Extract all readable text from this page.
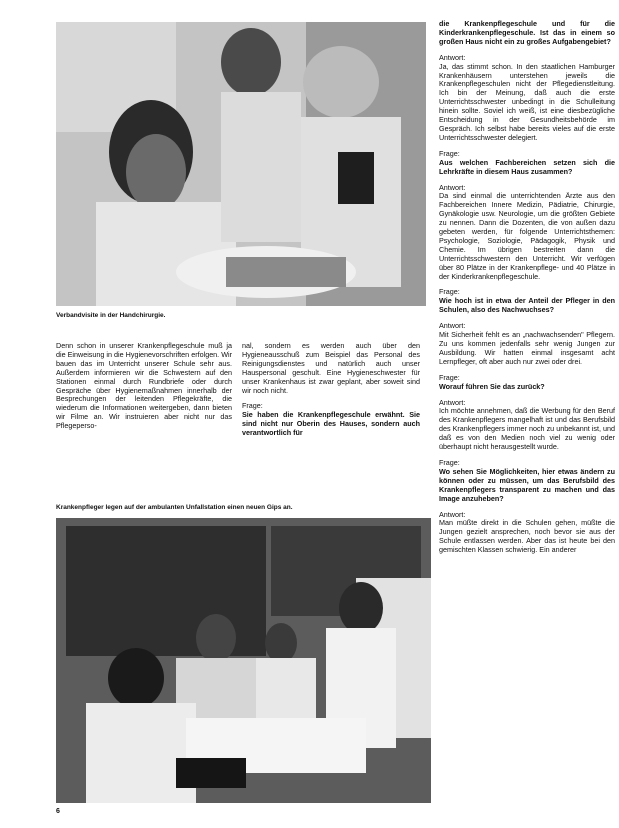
Verbandvisite in der Handchirurgie.

Denn schon in unserer Krankenpflegeschule muß ja die Einweisung in die Hygienevorschriften erfolgen. Wir bauen das im Unterricht unserer Schule sehr aus. Außerdem informieren wir die Schwestern auf den Stationen einmal durch Rundbriefe oder durch Gespräche über Hygienemaßnahmen innerhalb der Besprechungen der leitenden Pflegekräfte, die wiederum die Informationen weitergeben, dann bieten wir Filme an. Wir instruieren aber nicht nur das Pflegeperso-

nal, sondern es werden auch über den Hygieneausschuß zum Beispiel das Personal des Reinigungsdienstes und natürlich auch unser Hauspersonal geschult. Eine Hygieneschwester für unser Krankenhaus ist zwar geplant, aber soweit sind wir noch nicht.

Frage:

Sie haben die Krankenpflegeschule erwähnt. Sie sind nicht nur Oberin des Hauses, sondern auch verantwortlich für

Krankenpfleger legen auf der ambulanten Unfallstation einen neuen Gips an.

die Krankenpflegeschule und für die Kinderkrankenpflegeschule. Ist das in einem so großen Haus nicht ein zu großes Aufgabengebiet?

Antwort:

Ja, das stimmt schon. In den staatlichen Hamburger Krankenhäusern unterstehen jeweils die Krankenpflegeschulen nicht der Pflegedienstleitung. Ich bin der Meinung, daß auch die erste Unterrichtsschwester unbedingt in die Schulleitung hinein sollte. Soviel ich weiß, ist eine diesbezügliche Entscheidung in der Gesundheitsbehörde im Gespräch. Ich selbst habe bereits vieles auf die erste Unterrichtsschwester delegiert.

Frage:

Aus welchen Fachbereichen setzen sich die Lehrkräfte in diesem Haus zusammen?

Antwort:

Da sind einmal die unterrichtenden Ärzte aus den Fachbereichen Innere Medizin, Pädiatrie, Chirurgie, Gynäkologie usw. Neurologie, um die größten Gebiete zu nennen. Dann die Dozenten, die von außen dazu gebeten werden, für folgende Unterrichtsthemen: Psychologie, Soziologie, Pädagogik, Physik und Chemie. Im übrigen bestreiten dann die Unterrichtsschwestern den Unterricht. Wir verfügen über 80 Plätze in der Krankenpflege- und 40 Plätze in der Kinderkrankenpflegeschule.

Frage:

Wie hoch ist in etwa der Anteil der Pfleger in den Schulen, also des Nachwuchses?

Antwort:

Mit Sicherheit fehlt es an „nachwachsenden" Pflegern. Zu uns kommen jedenfalls sehr wenig Jungen zur Ausbildung. Wir hatten einmal insgesamt acht Lernpfleger, oft aber auch nur zwei oder drei.

Frage:

Worauf führen Sie das zurück?

Antwort:

Ich möchte annehmen, daß die Werbung für den Beruf des Krankenpflegers mangelhaft ist und das Berufsbild des Krankenpflegers immer noch zu unbekannt ist, und daß es von den Medien noch viel zu wenig oder überhaupt nicht herausgestellt wurde.

Frage:

Wo sehen Sie Möglichkeiten, hier etwas ändern zu können oder zu müssen, um das Berufsbild des Krankenpflegers transparent zu machen und das Image anzuheben?

Antwort:

Man müßte direkt in die Schulen gehen, müßte die Jungen gezielt ansprechen, noch bevor sie aus der Schule entlassen werden. Aber das ist heute bei den gemischten Klassen schwierig. Ein anderer

6
